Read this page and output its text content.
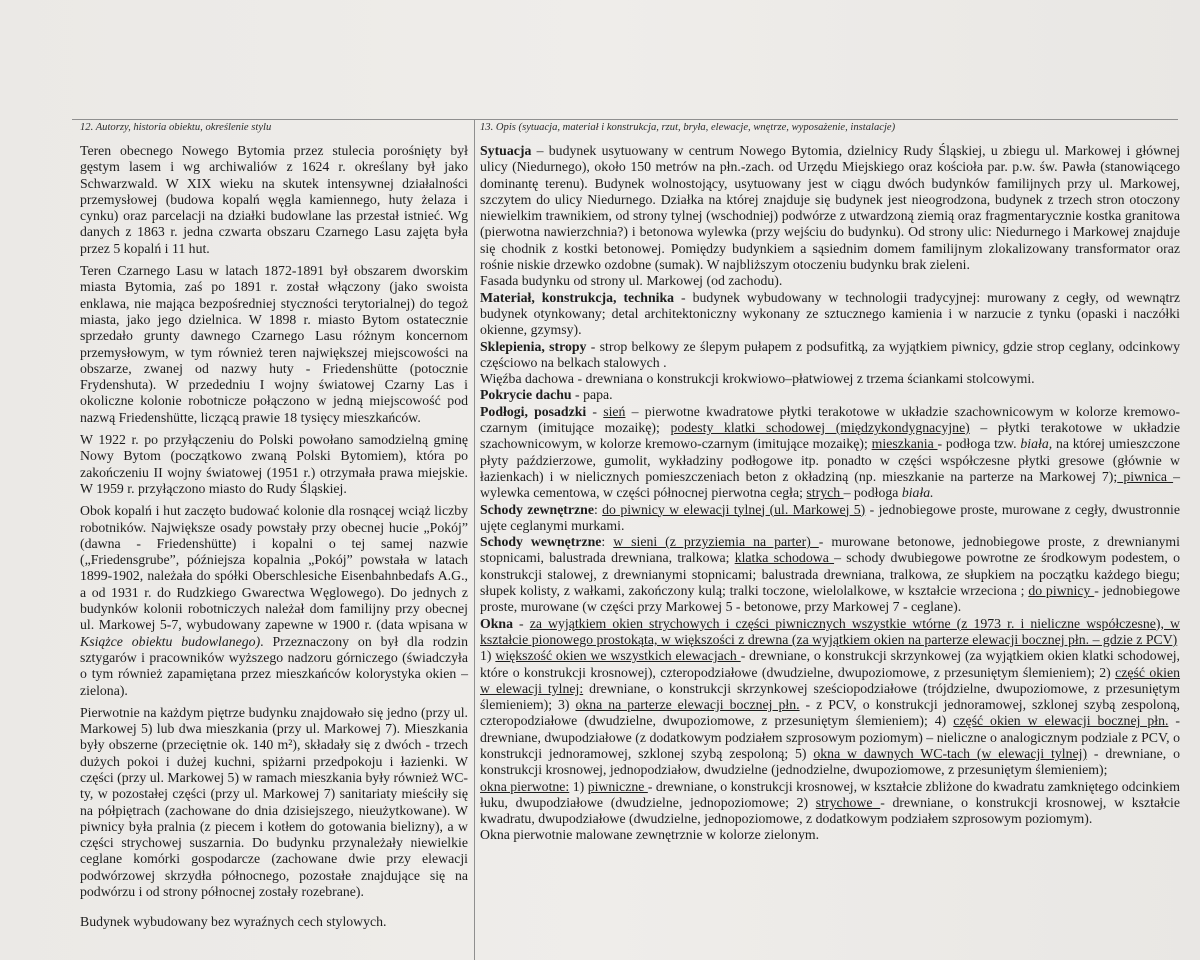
12. Autorzy, historia obiektu, określenie stylu

Teren obecnego Nowego Bytomia przez stulecia porośnięty był gęstym lasem i wg archiwaliów z 1624 r. określany był jako Schwarzwald. W XIX wieku na skutek intensywnej działalności przemysłowej (budowa kopalń węgla kamiennego, huty żelaza i cynku) oraz parcelacji na działki budowlane las przestał istnieć. Wg danych z 1863 r. jedna czwarta obszaru Czarnego Lasu zajęta była przez 5 kopalń i 11 hut.

Teren Czarnego Lasu w latach 1872-1891 był obszarem dworskim miasta Bytomia, zaś po 1891 r. został włączony (jako swoista enklawa, nie mająca bezpośredniej styczności terytorialnej) do tegoż miasta, jako jego dzielnica. W 1898 r. miasto Bytom ostatecznie sprzedało grunty dawnego Czarnego Lasu różnym koncernom przemysłowym, w tym również teren największej miejscowości na obszarze, zwanej od nazwy huty - Friedenshütte (potocznie Frydenshuta). W przededniu I wojny światowej Czarny Las i okoliczne kolonie robotnicze połączono w jedną miejscowość pod nazwą Friedenshütte, liczącą prawie 18 tysięcy mieszkańców.

W 1922 r. po przyłączeniu do Polski powołano samodzielną gminę Nowy Bytom (początkowo zwaną Polski Bytomiem), która po zakończeniu II wojny światowej (1951 r.) otrzymała prawa miejskie. W 1959 r. przyłączono miasto do Rudy Śląskiej.

Obok kopalń i hut zaczęto budować kolonie dla rosnącej wciąż liczby robotników. Największe osady powstały przy obecnej hucie „Pokój” (dawna - Friedenshütte) i kopalni o tej samej nazwie („Friedensgrube”, późniejsza kopalnia „Pokój” powstała w latach 1899-1902, należała do spółki Oberschlesiche Eisenbahnbedafs A.G., a od 1931 r. do Rudzkiego Gwarectwa Węglowego). Do jednych z budynków kolonii robotniczych należał dom familijny przy obecnej ul. Markowej 5-7, wybudowany zapewne w 1900 r. (data wpisana w Książce obiektu budowlanego). Przeznaczony on był dla rodzin sztygarów i pracowników wyższego nadzoru górniczego (świadczyła o tym również zapamiętana przez mieszkańców kolorystyka okien – zielona).

Pierwotnie na każdym piętrze budynku znajdowało się jedno (przy ul. Markowej 5) lub dwa mieszkania (przy ul. Markowej 7). Mieszkania były obszerne (przeciętnie ok. 140 m²), składały się z dwóch - trzech dużych pokoi i dużej kuchni, spiżarni przedpokoju i łazienki. W części (przy ul. Markowej 5) w ramach mieszkania były również WC-ty, w pozostałej części (przy ul. Markowej 7) sanitariaty mieściły się na półpiętrach (zachowane do dnia dzisiejszego, nieużytkowane). W piwnicy była pralnia (z piecem i kotłem do gotowania bielizny), a w części strychowej suszarnia. Do budynku przynależały niewielkie ceglane komórki gospodarcze (zachowane dwie przy elewacji podwórzowej skrzydła północnego, pozostałe znajdujące się na podwórzu i od strony północnej zostały rozebrane).

Budynek wybudowany bez wyraźnych cech stylowych.

13. Opis (sytuacja, materiał i konstrukcja, rzut, bryła, elewacje, wnętrze, wyposażenie, instalacje)

Sytuacja – budynek usytuowany w centrum Nowego Bytomia, dzielnicy Rudy Śląskiej, u zbiegu ul. Markowej i głównej ulicy (Niedurnego), około 150 metrów na płn.-zach. od Urzędu Miejskiego oraz kościoła par. p.w. św. Pawła (stanowiącego dominantę terenu). Budynek wolnostojący, usytuowany jest w ciągu dwóch budynków familijnych przy ul. Markowej, szczytem do ulicy Niedurnego. Działka na której znajduje się budynek jest nieogrodzona, budynek z trzech stron otoczony niewielkim trawnikiem, od strony tylnej (wschodniej) podwórze z utwardzoną ziemią oraz fragmentarycznie kostka granitowa (pierwotna nawierzchnia?) i betonowa wylewka (przy wejściu do budynku). Od strony ulic: Niedurnego i Markowej znajduje się chodnik z kostki betonowej. Pomiędzy budynkiem a sąsiednim domem familijnym zlokalizowany transformator oraz rośnie niskie drzewko ozdobne (sumak). W najbliższym otoczeniu budynku brak zieleni.

Fasada budynku od strony ul. Markowej (od zachodu).

Materiał, konstrukcja, technika - budynek wybudowany w technologii tradycyjnej: murowany z cegły, od wewnątrz budynek otynkowany; detal architektoniczny wykonany ze sztucznego kamienia i w narzucie z tynku (opaski i naczółki okienne, gzymsy).

Sklepienia, stropy - strop belkowy ze ślepym pułapem z podsufitką, za wyjątkiem piwnicy, gdzie strop ceglany, odcinkowy częściowo na belkach stalowych .

Więźba dachowa - drewniana o konstrukcji krokwiowo–płatwiowej z trzema ściankami stolcowymi.

Pokrycie dachu - papa.

Podłogi, posadzki - sień – pierwotne kwadratowe płytki terakotowe w układzie szachownicowym w kolorze kremowo-czarnym (imitujące mozaikę); podesty klatki schodowej (międzykondygnacyjne) – płytki terakotowe w układzie szachownicowym, w kolorze kremowo-czarnym (imitujące mozaikę); mieszkania - podłoga tzw. biała, na której umieszczone płyty paździerzowe, gumolit, wykładziny podłogowe itp. ponadto w części współczesne płytki gresowe (głównie w łazienkach) i w nielicznych pomieszczeniach beton z okładziną (np. mieszkanie na parterze na Markowej 7); piwnica – wylewka cementowa, w części północnej pierwotna cegła; strych – podłoga biała.

Schody zewnętrzne: do piwnicy w elewacji tylnej (ul. Markowej 5) - jednobiegowe proste, murowane z cegły, dwustronnie ujęte ceglanymi murkami.

Schody wewnętrzne: w sieni (z przyziemia na parter) - murowane betonowe, jednobiegowe proste, z drewnianymi stopnicami, balustrada drewniana, tralkowa; klatka schodowa – schody dwubiegowe powrotne ze środkowym podestem, o konstrukcji stalowej, z drewnianymi stopnicami; balustrada drewniana, tralkowa, ze słupkiem na początku każdego biegu; słupek kolisty, z wałkami, zakończony kulą; tralki toczone, wielolalkowe, w kształcie wrzeciona ; do piwnicy - jednobiegowe proste, murowane (w części przy Markowej 5 - betonowe, przy Markowej 7 - ceglane).

Okna - za wyjątkiem okien strychowych i części piwnicznych wszystkie wtórne (z 1973 r. i nieliczne współczesne), w kształcie pionowego prostokąta, w większości z drewna (za wyjątkiem okien na parterze elewacji bocznej płn. – gdzie z PCV)

1) większość okien we wszystkich elewacjach - drewniane, o konstrukcji skrzynkowej (za wyjątkiem okien klatki schodowej, które o konstrukcji krosnowej), czteropodziałowe (dwudzielne, dwupoziomowe, z przesuniętym ślemieniem); 2) część okien w elewacji tylnej: drewniane, o konstrukcji skrzynkowej sześciopodziałowe (trójdzielne, dwupoziomowe, z przesuniętym ślemieniem); 3) okna na parterze elewacji bocznej płn. - z PCV, o konstrukcji jednoramowej, szklonej szybą zespoloną, czteropodziałowe (dwudzielne, dwupoziomowe, z przesuniętym ślemieniem); 4) część okien w elewacji bocznej płn. - drewniane, dwupodziałowe (z dodatkowym podziałem szprosowym poziomym) – nieliczne o analogicznym podziale z PCV, o konstrukcji jednoramowej, szklonej szybą zespoloną; 5) okna w dawnych WC-tach (w elewacji tylnej) - drewniane, o konstrukcji krosnowej, jednopodziałow, dwudzielne (jednodzielne, dwupoziomowe, z przesuniętym ślemieniem);

okna pierwotne: 1) piwniczne - drewniane, o konstrukcji krosnowej, w kształcie zbliżone do kwadratu zamkniętego odcinkiem łuku, dwupodziałowe (dwudzielne, jednopoziomowe; 2) strychowe - drewniane, o konstrukcji krosnowej, w kształcie kwadratu, dwupodziałowe (dwudzielne, jednopoziomowe, z dodatkowym podziałem szprosowym poziomym).

Okna pierwotnie malowane zewnętrznie w kolorze zielonym.
